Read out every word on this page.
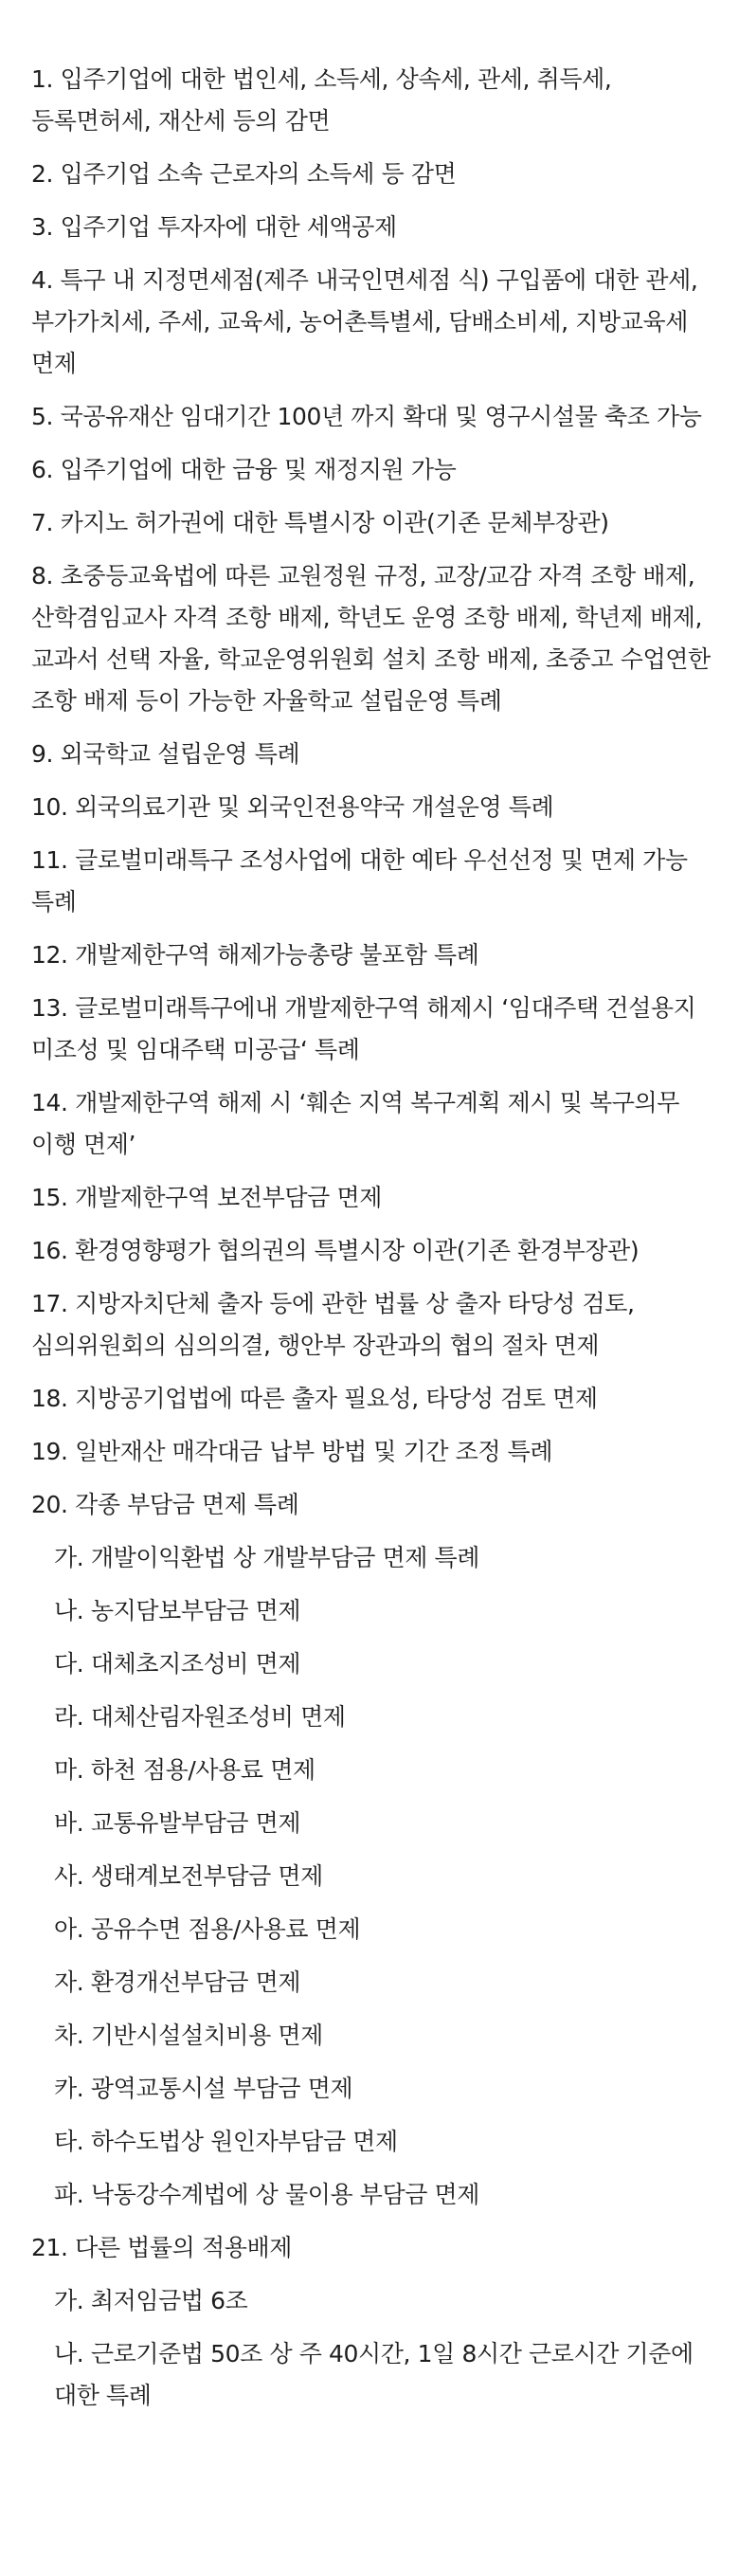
1. 입주기업에 대한 법인세, 소득세, 상속세, 관세, 취득세, 등록면허세, 재산세 등의 감면
2. 입주기업 소속 근로자의 소득세 등 감면
3. 입주기업 투자자에 대한 세액공제
4. 특구 내 지정면세점(제주 내국인면세점 식) 구입품에 대한 관세, 부가가치세, 주세, 교육세, 농어촌특별세, 담배소비세, 지방교육세 면제
5. 국공유재산 임대기간 100년 까지 확대 및 영구시설물 축조 가능
6. 입주기업에 대한 금융 및 재정지원 가능
7. 카지노 허가권에 대한 특별시장 이관(기존 문체부장관)
8. 초중등교육법에 따른 교원정원 규정, 교장/교감 자격 조항 배제, 산학겸임교사 자격 조항 배제, 학년도 운영 조항 배제, 학년제 배제, 교과서 선택 자율, 학교운영위원회 설치 조항 배제, 초중고 수업연한 조항 배제 등이 가능한 자율학교 설립운영 특례
9. 외국학교 설립운영 특례
10. 외국의료기관 및 외국인전용약국 개설운영 특례
11. 글로벌미래특구 조성사업에 대한 예타 우선선정 및 면제 가능 특례
12. 개발제한구역 해제가능총량 불포함 특례
13. 글로벌미래특구에내 개발제한구역 해제시 ‘임대주택 건설용지 미조성 및 임대주택 미공급‘ 특례
14. 개발제한구역 해제 시 ‘훼손 지역 복구계획 제시 및 복구의무 이행 면제’
15. 개발제한구역 보전부담금 면제
16. 환경영향평가 협의권의 특별시장 이관(기존 환경부장관)
17. 지방자치단체 출자 등에 관한 법률 상 출자 타당성 검토, 심의위원회의 심의의결, 행안부 장관과의 협의 절차 면제
18. 지방공기업법에 따른 출자 필요성, 타당성 검토 면제
19. 일반재산 매각대금 납부 방법 및 기간 조정 특례
20. 각종 부담금 면제 특례
가. 개발이익환법 상 개발부담금 면제 특례
나. 농지담보부담금 면제
다. 대체초지조성비 면제
라. 대체산림자원조성비 면제
마. 하천 점용/사용료 면제
바. 교통유발부담금 면제
사. 생태계보전부담금 면제
아. 공유수면 점용/사용료 면제
자. 환경개선부담금 면제
차. 기반시설설치비용 면제
카. 광역교통시설 부담금 면제
타. 하수도법상 원인자부담금 면제
파. 낙동강수계법에 상 물이용 부담금 면제
21. 다른 법률의 적용배제
가. 최저임금법 6조
나. 근로기준법 50조 상 주 40시간, 1일 8시간 근로시간 기준에 대한 특례
